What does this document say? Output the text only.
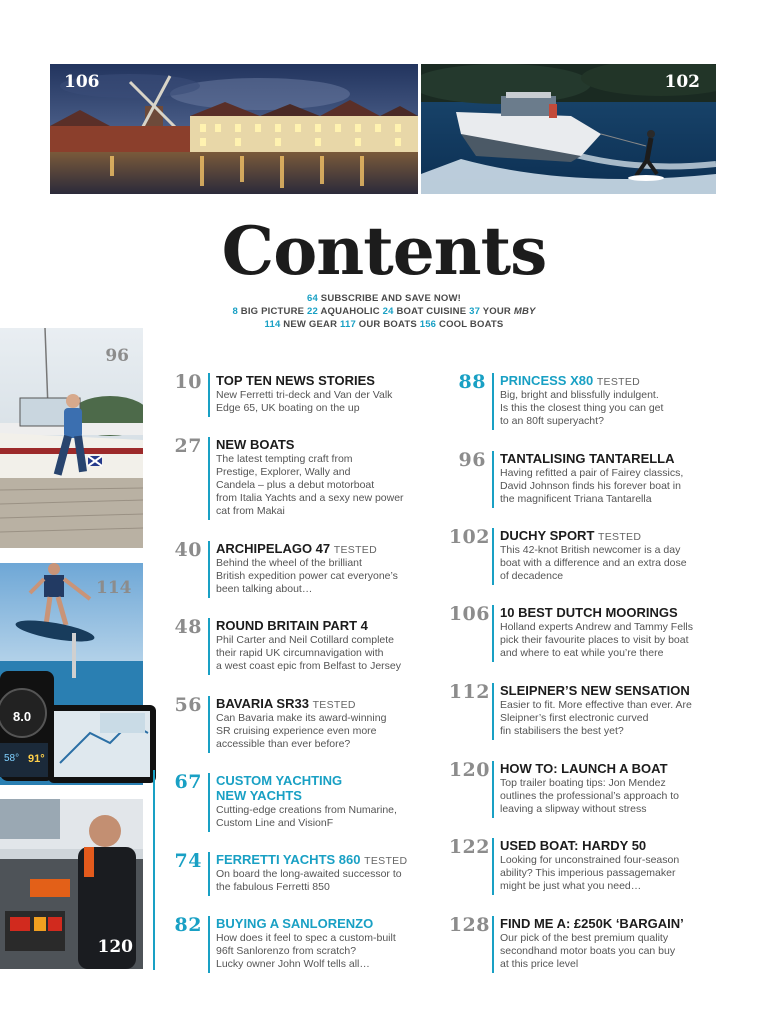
106	102
Contents
64 SUBSCRIBE AND SAVE NOW!
8 BIG PICTURE 22 AQUAHOLIC 24 BOAT CUISINE 37 YOUR MBY
114 NEW GEAR 117 OUR BOATS 156 COOL BOATS
96
8.0
58° 91°
114
120
10 TOP TEN NEWS STORIES
New Ferretti tri-deck and Van der Valk
Edge 65, UK boating on the up
27 NEW BOATS
The latest tempting craft from
Prestige, Explorer, Wally and
Candela – plus a debut motorboat
from Italia Yachts and a sexy new power
cat from Makai
40 ARCHIPELAGO 47 TESTED
Behind the wheel of the brilliant
British expedition power cat everyone’s
been talking about…
48 ROUND BRITAIN PART 4
Phil Carter and Neil Cotillard complete
their rapid UK circumnavigation with
a west coast epic from Belfast to Jersey
56 BAVARIA SR33 TESTED
Can Bavaria make its award-winning
SR cruising experience even more
accessible than ever before?
67 CUSTOM YACHTING
NEW YACHTS
Cutting-edge creations from Numarine,
Custom Line and VisionF
74 FERRETTI YACHTS 860 TESTED
On board the long-awaited successor to
the fabulous Ferretti 850
82 BUYING A SANLORENZO
How does it feel to spec a custom-built
96ft Sanlorenzo from scratch?
Lucky owner John Wolf tells all…
88 PRINCESS X80 TESTED
Big, bright and blissfully indulgent.
Is this the closest thing you can get
to an 80ft superyacht?
96 TANTALISING TANTARELLA
Having refitted a pair of Fairey classics,
David Johnson finds his forever boat in
the magnificent Triana Tantarella
102 DUCHY SPORT TESTED
This 42-knot British newcomer is a day
boat with a difference and an extra dose
of decadence
106 10 BEST DUTCH MOORINGS
Holland experts Andrew and Tammy Fells
pick their favourite places to visit by boat
and where to eat while you’re there
112 SLEIPNER’S NEW SENSATION
Easier to fit. More effective than ever. Are
Sleipner’s first electronic curved
fin stabilisers the best yet?
120 HOW TO: LAUNCH A BOAT
Top trailer boating tips: Jon Mendez
outlines the professional’s approach to
leaving a slipway without stress
122 USED BOAT: HARDY 50
Looking for unconstrained four-season
ability? This imperious passagemaker
might be just what you need…
128 FIND ME A: £250K ‘BARGAIN’
Our pick of the best premium quality
secondhand motor boats you can buy
at this price level
